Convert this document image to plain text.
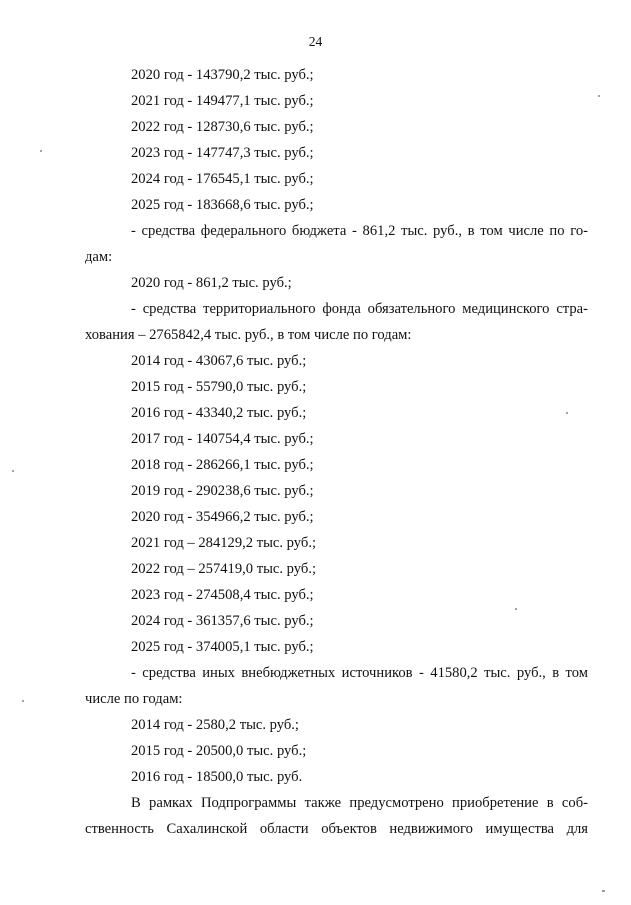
24
2020 год - 143790,2 тыс. руб.;
2021 год - 149477,1 тыс. руб.;
2022 год - 128730,6 тыс. руб.;
2023 год - 147747,3 тыс. руб.;
2024 год - 176545,1 тыс. руб.;
2025 год - 183668,6 тыс. руб.;
- средства федерального бюджета - 861,2 тыс. руб., в том числе по го-
дам:
2020 год - 861,2 тыс. руб.;
- средства территориального фонда обязательного медицинского стра-
хования – 2765842,4 тыс. руб., в том числе по годам:
2014 год - 43067,6 тыс. руб.;
2015 год - 55790,0 тыс. руб.;
2016 год - 43340,2 тыс. руб.;
2017 год - 140754,4 тыс. руб.;
2018 год - 286266,1 тыс. руб.;
2019 год - 290238,6 тыс. руб.;
2020 год - 354966,2 тыс. руб.;
2021 год – 284129,2 тыс. руб.;
2022 год – 257419,0 тыс. руб.;
2023 год - 274508,4 тыс. руб.;
2024 год - 361357,6 тыс. руб.;
2025 год - 374005,1 тыс. руб.;
- средства иных внебюджетных источников - 41580,2 тыс. руб., в том
числе по годам:
2014 год - 2580,2 тыс. руб.;
2015 год - 20500,0 тыс. руб.;
2016 год - 18500,0 тыс. руб.
В рамках Подпрограммы также предусмотрено приобретение в соб-
ственность Сахалинской области объектов недвижимого имущества для
